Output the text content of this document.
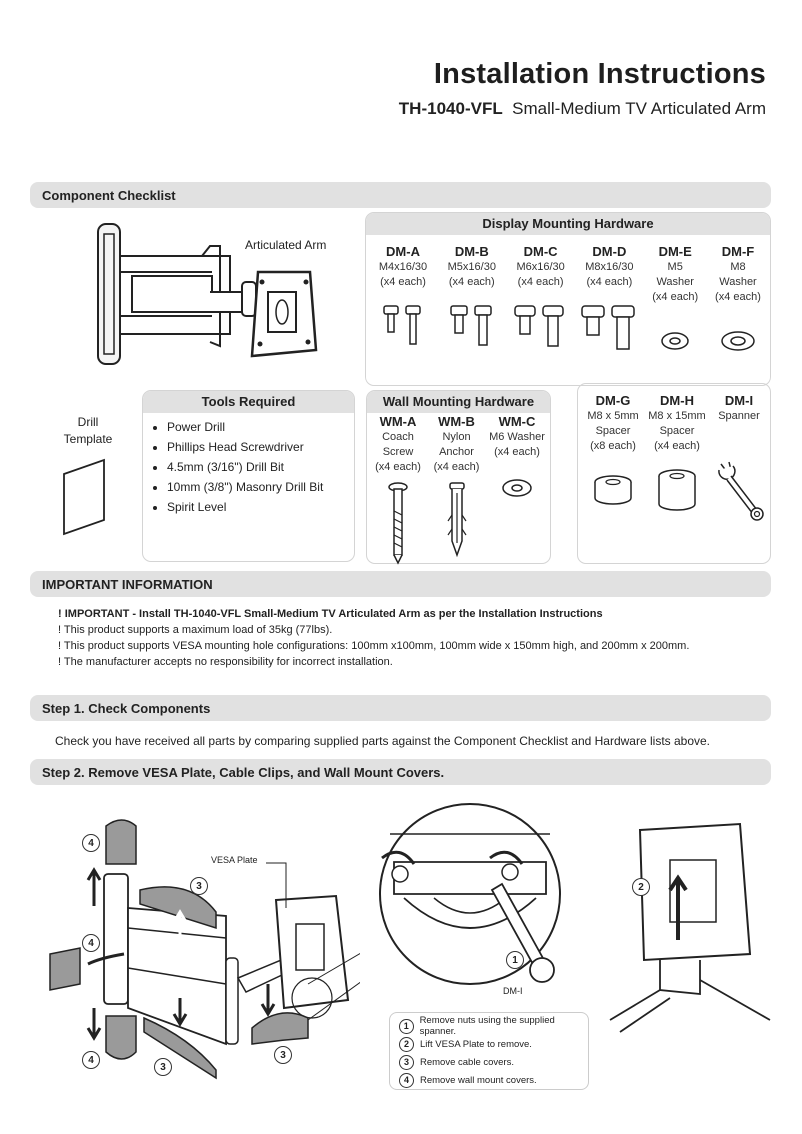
Installation Instructions
TH-1040-VFL Small-Medium TV Articulated Arm
Component Checklist
Articulated Arm
Display Mounting Hardware
DM-A
M4x16/30
(x4 each)
DM-B
M5x16/30
(x4 each)
DM-C
M6x16/30
(x4 each)
DM-D
M8x16/30
(x4 each)
DM-E
M5
Washer
(x4 each)
DM-F
M8
Washer
(x4 each)
Drill Template
Tools Required
• Power Drill
• Phillips Head Screwdriver
• 4.5mm (3/16") Drill Bit
• 10mm (3/8") Masonry Drill Bit
• Spirit Level
Wall Mounting Hardware
WM-A
Coach
Screw
(x4 each)
WM-B
Nylon
Anchor
(x4 each)
WM-C
M6 Washer
(x4 each)
DM-G
M8 x 5mm
Spacer
(x8 each)
DM-H
M8 x 15mm
Spacer
(x4 each)
DM-I
Spanner
IMPORTANT INFORMATION

! IMPORTANT - Install TH-1040-VFL Small-Medium TV Articulated Arm as per the Installation Instructions

! This product supports a maximum load of 35kg (77lbs).

! This product supports VESA mounting hole configurations: 100mm x100mm, 100mm wide x 150mm high, and 200mm x 200mm.

! The manufacturer accepts no responsibility for incorrect installation.

Step 1. Check Components
Check you have received all parts by comparing supplied parts against the Component Checklist and Hardware lists above.
Step 2. Remove VESA Plate, Cable Clips, and Wall Mount Covers.
VESA Plate
4
4
4
3
3
3
1
DM-I
2
1	Remove nuts using the supplied spanner.
2	Lift VESA Plate to remove.
3	Remove cable covers.
4	Remove wall mount covers.
